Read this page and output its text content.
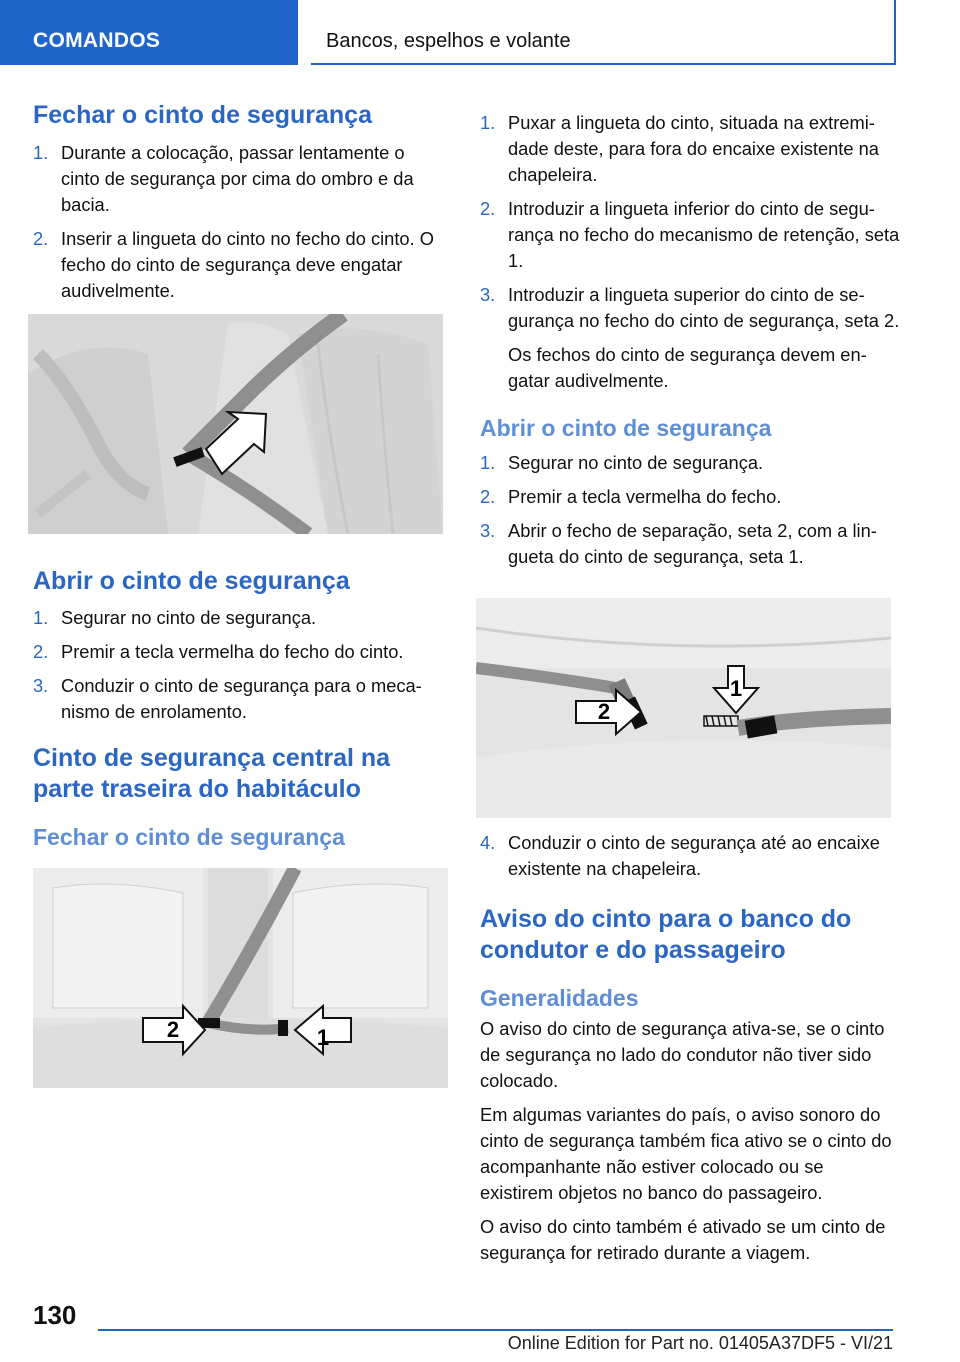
COMANDOS	Bancos, espelhos e volante
Fechar o cinto de segurança
1. Durante a colocação, passar lentamente o cinto de segurança por cima do ombro e da bacia.
2. Inserir a lingueta do cinto no fecho do cinto. O fecho do cinto de segurança deve engatar audivelmente.
Abrir o cinto de segurança
1. Segurar no cinto de segurança.
2. Premir a tecla vermelha do fecho do cinto.
3. Conduzir o cinto de segurança para o mecanismo de enrolamento.
Cinto de segurança central na parte traseira do habitáculo
Fechar o cinto de segurança
2	1
1. Puxar a lingueta do cinto, situada na extremidade deste, para fora do encaixe existente na chapeleira.
2. Introduzir a lingueta inferior do cinto de segurança no fecho do mecanismo de retenção, seta 1.
3. Introduzir a lingueta superior do cinto de segurança no fecho do cinto de segurança, seta 2.

Os fechos do cinto de segurança devem engatar audivelmente.

Abrir o cinto de segurança
1. Segurar no cinto de segurança.
2. Premir a tecla vermelha do fecho.
3. Abrir o fecho de separação, seta 2, com a lingueta do cinto de segurança, seta 1.
2
1
4. Conduzir o cinto de segurança até ao encaixe existente na chapeleira.
Aviso do cinto para o banco do condutor e do passageiro
Generalidades

O aviso do cinto de segurança ativa-se, se o cinto de segurança no lado do condutor não tiver sido colocado.

Em algumas variantes do país, o aviso sonoro do cinto de segurança também fica ativo se o cinto do acompanhante não estiver colocado ou se existirem objetos no banco do passageiro.

O aviso do cinto também é ativado se um cinto de segurança for retirado durante a viagem.

130
Online Edition for Part no. 01405A37DF5 - VI/21
